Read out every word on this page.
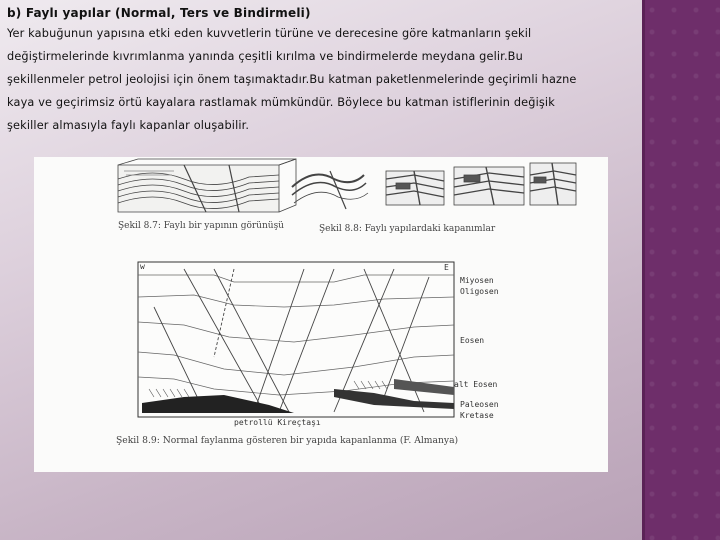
b) Faylı yapılar (Normal, Ters ve Bindirmeli)
Yer kabuğunun yapısına etki eden kuvvetlerin türüne ve derecesine göre katmanların şekil
değiştirmelerinde kıvrımlanma yanında çeşitli kırılma ve bindirmelerde meydana gelir.Bu
şekillenmeler petrol jeolojisi için önem taşımaktadır.Bu katman paketlenmelerinde geçirimli hazne
kaya ve geçirimsiz örtü kayalara rastlamak mümkündür. Böylece bu katman istiflerinin değişik
şekiller almasıyla faylı kapanlar oluşabilir.
Şekil 8.7: Faylı bir yapının görünüşü	Şekil 8.8: Faylı yapılardaki kapanımlar
w	E
Miyosen
Oligosen
Eosen
alt Eosen
Paleosen
Kretase
petrollü Kireçtaşı
Şekil 8.9: Normal faylanma gösteren bir yapıda kapanlanma (F. Almanya)
